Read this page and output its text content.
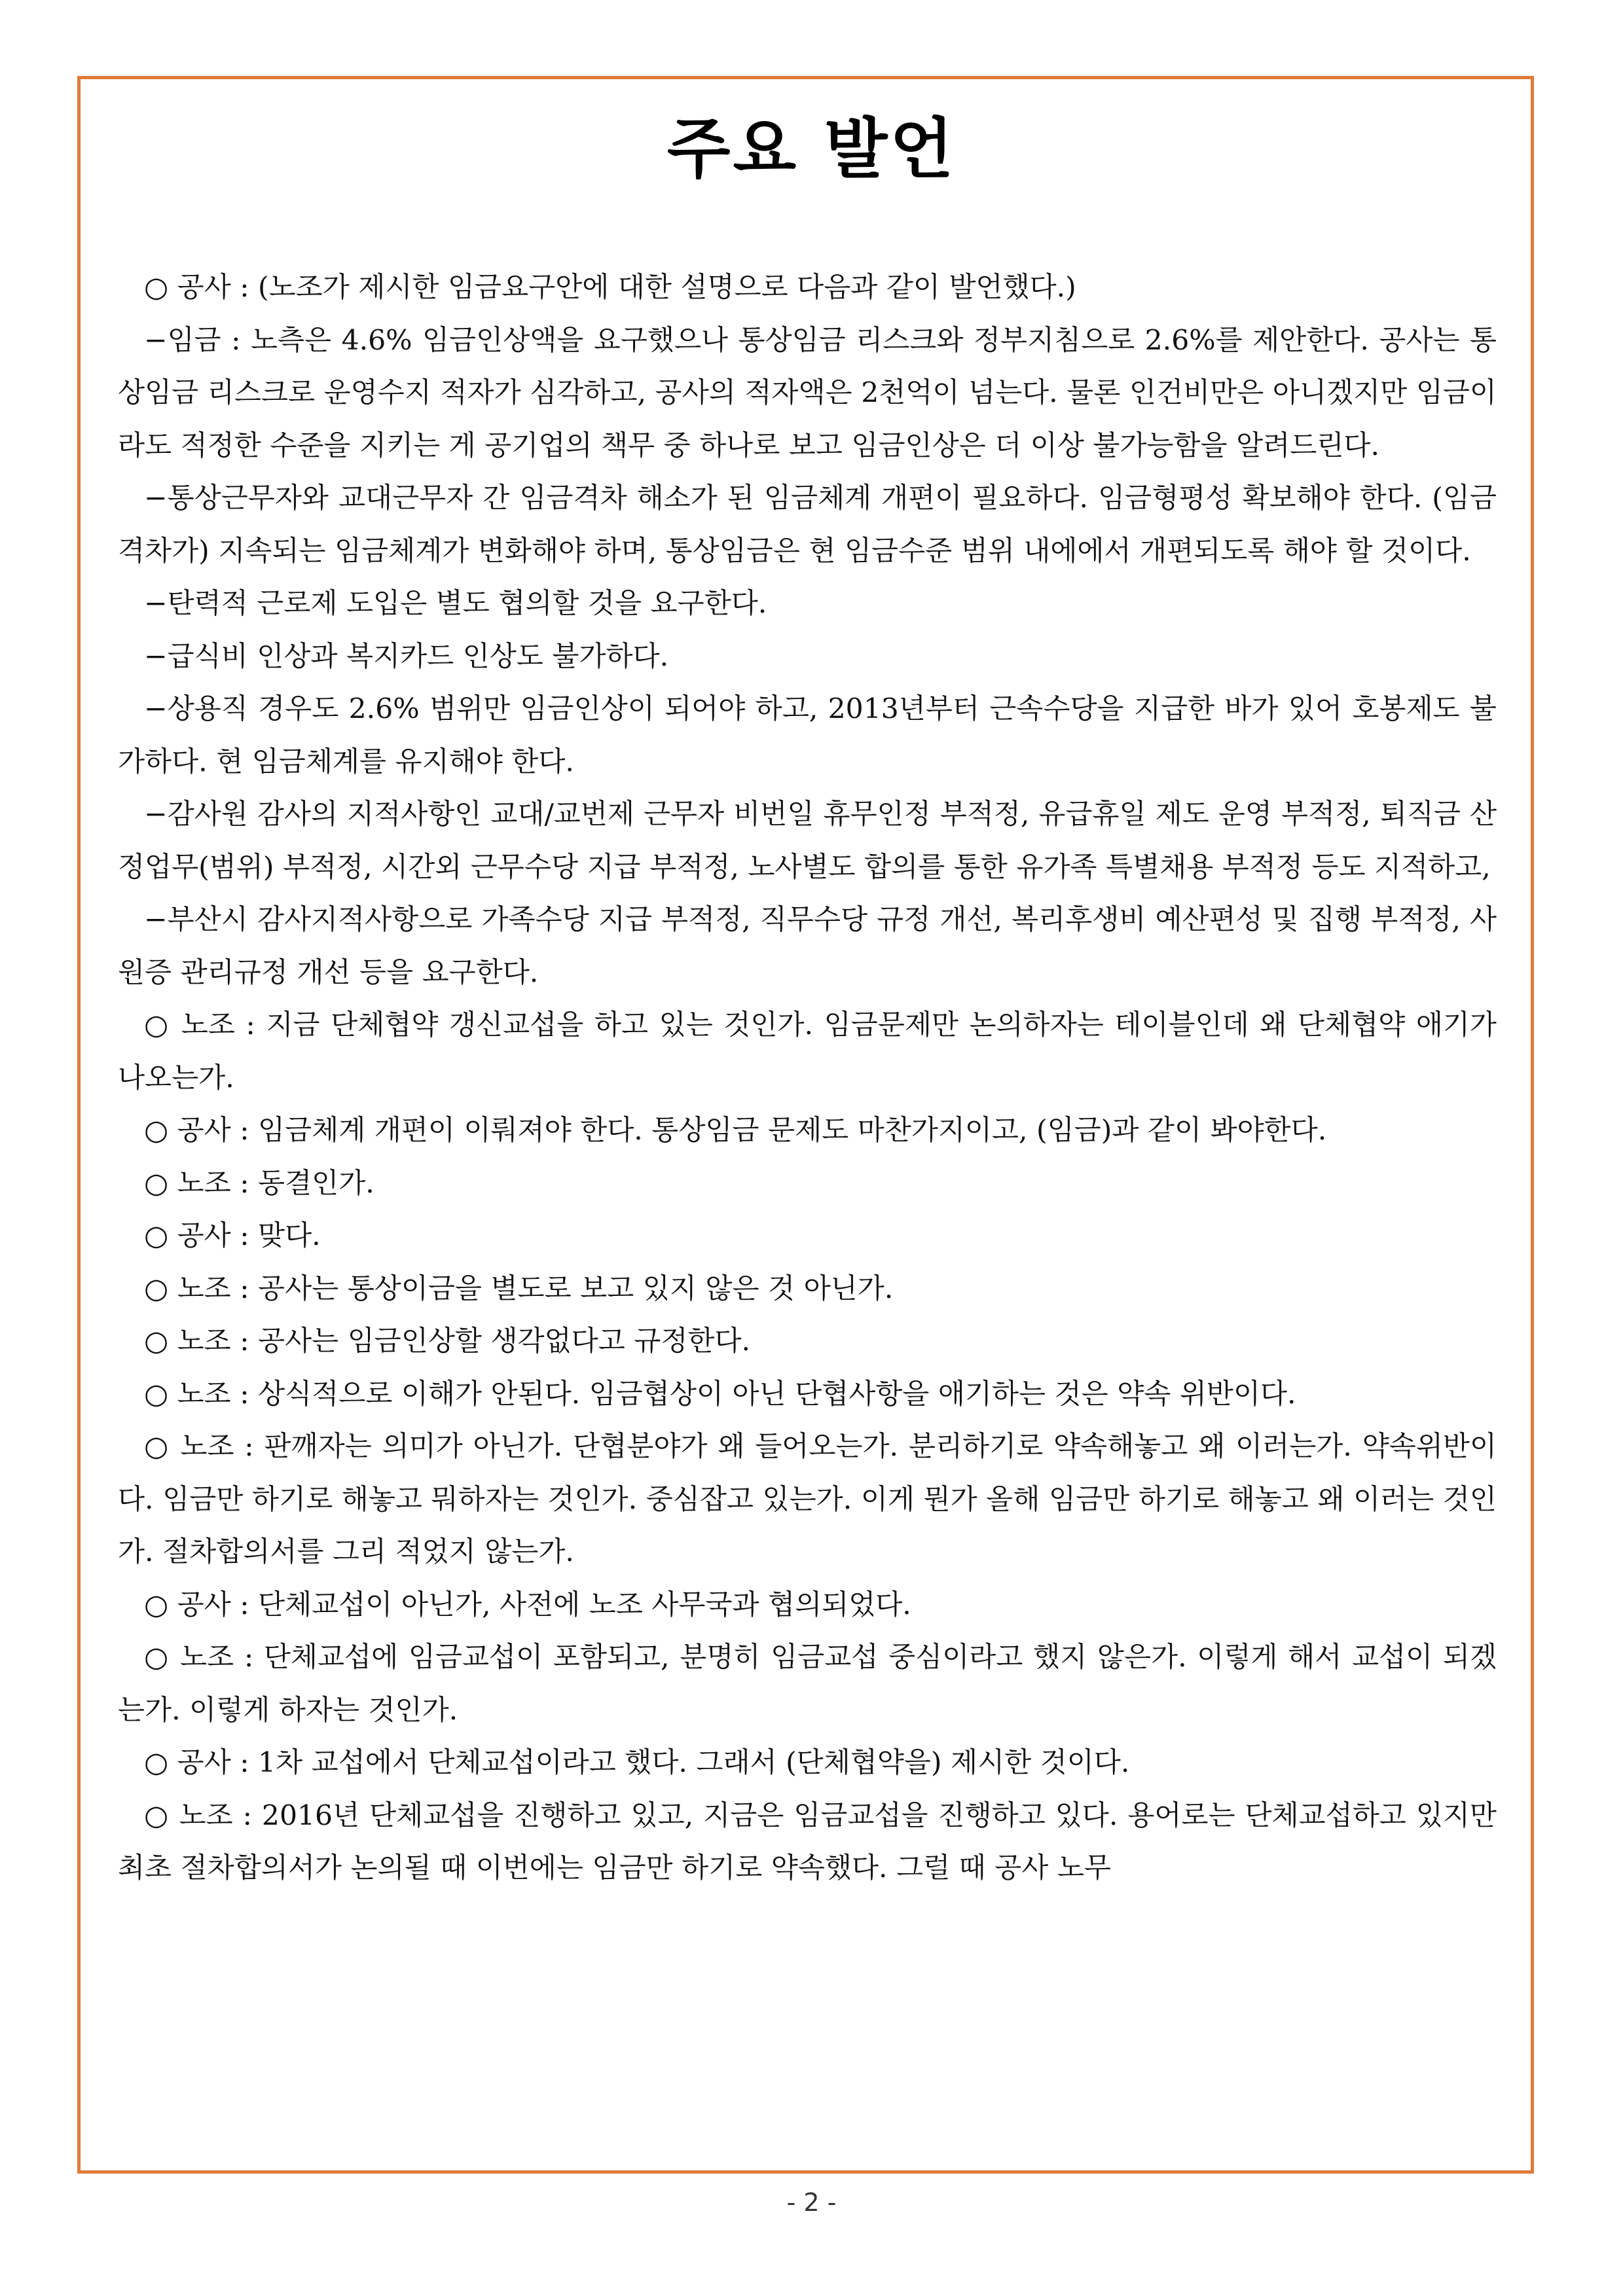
주요 발언

○ 공사 : (노조가 제시한 임금요구안에 대한 설명으로 다음과 같이 발언했다.)

−임금 : 노측은 4.6% 임금인상액을 요구했으나 통상임금 리스크와 정부지침으로 2.6%를 제안한다. 공사는 통상임금 리스크로 운영수지 적자가 심각하고, 공사의 적자액은 2천억이 넘는다. 물론 인건비만은 아니겠지만 임금이라도 적정한 수준을 지키는 게 공기업의 책무 중 하나로 보고 임금인상은 더 이상 불가능함을 알려드린다.

−통상근무자와 교대근무자 간 임금격차 해소가 된 임금체계 개편이 필요하다. 임금형평성 확보해야 한다. (임금격차가) 지속되는 임금체계가 변화해야 하며, 통상임금은 현 임금수준 범위 내에에서 개편되도록 해야 할 것이다.

−탄력적 근로제 도입은 별도 협의할 것을 요구한다.

−급식비 인상과 복지카드 인상도 불가하다.

−상용직 경우도 2.6% 범위만 임금인상이 되어야 하고, 2013년부터 근속수당을 지급한 바가 있어 호봉제도 불가하다. 현 임금체계를 유지해야 한다.

−감사원 감사의 지적사항인 교대/교번제 근무자 비번일 휴무인정 부적정, 유급휴일 제도 운영 부적정, 퇴직금 산정업무(범위) 부적정, 시간외 근무수당 지급 부적정, 노사별도 합의를 통한 유가족 특별채용 부적정 등도 지적하고,

−부산시 감사지적사항으로 가족수당 지급 부적정, 직무수당 규정 개선, 복리후생비 예산편성 및 집행 부적정, 사원증 관리규정 개선 등을 요구한다.

○ 노조 : 지금 단체협약 갱신교섭을 하고 있는 것인가. 임금문제만 논의하자는 테이블인데 왜 단체협약 애기가 나오는가.

○ 공사 : 임금체계 개편이 이뤄져야 한다. 통상임금 문제도 마찬가지이고, (임금)과 같이 봐야한다.

○ 노조 : 동결인가.

○ 공사 : 맞다.

○ 노조 : 공사는 통상이금을 별도로 보고 있지 않은 것 아닌가.

○ 노조 : 공사는 임금인상할 생각없다고 규정한다.

○ 노조 : 상식적으로 이해가 안된다. 임금협상이 아닌 단협사항을 애기하는 것은 약속 위반이다.

○ 노조 : 판깨자는 의미가 아닌가. 단협분야가 왜 들어오는가. 분리하기로 약속해놓고 왜 이러는가. 약속위반이다. 임금만 하기로 해놓고 뭐하자는 것인가. 중심잡고 있는가. 이게 뭔가 올해 임금만 하기로 해놓고 왜 이러는 것인가. 절차합의서를 그리 적었지 않는가.

○ 공사 : 단체교섭이 아닌가, 사전에 노조 사무국과 협의되었다.

○ 노조 : 단체교섭에 임금교섭이 포함되고, 분명히 임금교섭 중심이라고 했지 않은가. 이렇게 해서 교섭이 되겠는가. 이렇게 하자는 것인가.

○ 공사 : 1차 교섭에서 단체교섭이라고 했다. 그래서 (단체협약을) 제시한 것이다.

○ 노조 : 2016년 단체교섭을 진행하고 있고, 지금은 임금교섭을 진행하고 있다. 용어로는 단체교섭하고 있지만 최초 절차합의서가 논의될 때 이번에는 임금만 하기로 약속했다. 그럴 때 공사 노무

- 2 -
